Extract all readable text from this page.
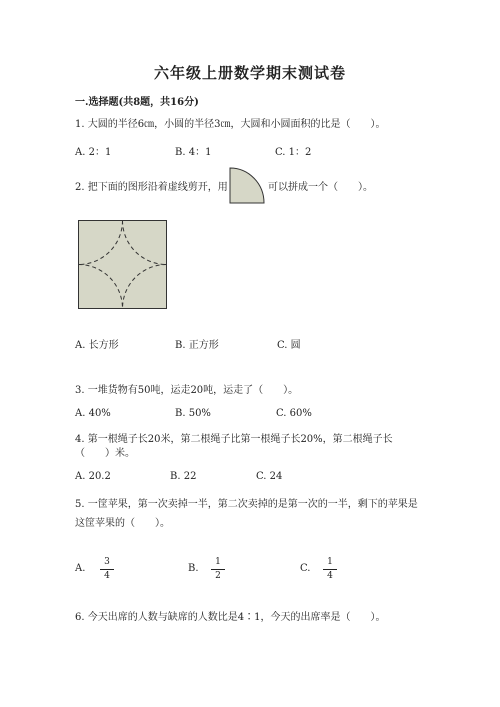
六年级上册数学期末测试卷
一.选择题(共8题，共16分)
1. 大圆的半径6㎝，小圆的半径3㎝，大圆和小圆面积的比是（　　）。
A. 2：1	B. 4：1	C. 1：2
2. 把下面的图形沿着虚线剪开，用	可以拼成一个（　　）。
A. 长方形	B. 正方形	C. 圆
3. 一堆货物有50吨，运走20吨，运走了（　　）。
A. 40%	B. 50%	C. 60%
4. 第一根绳子长20米，第二根绳子比第一根绳子长20%，第二根绳子长
（　　）米。
A. 20.2	B. 22	C. 24
5. 一筐苹果，第一次卖掉一半，第二次卖掉的是第一次的一半，剩下的苹果是
这筐苹果的（　　）。
A. $\frac{3}{4}$	B. $\frac{1}{2}$	C. $\frac{1}{4}$
6. 今天出席的人数与缺席的人数比是4∶1，今天的出席率是（　　）。
